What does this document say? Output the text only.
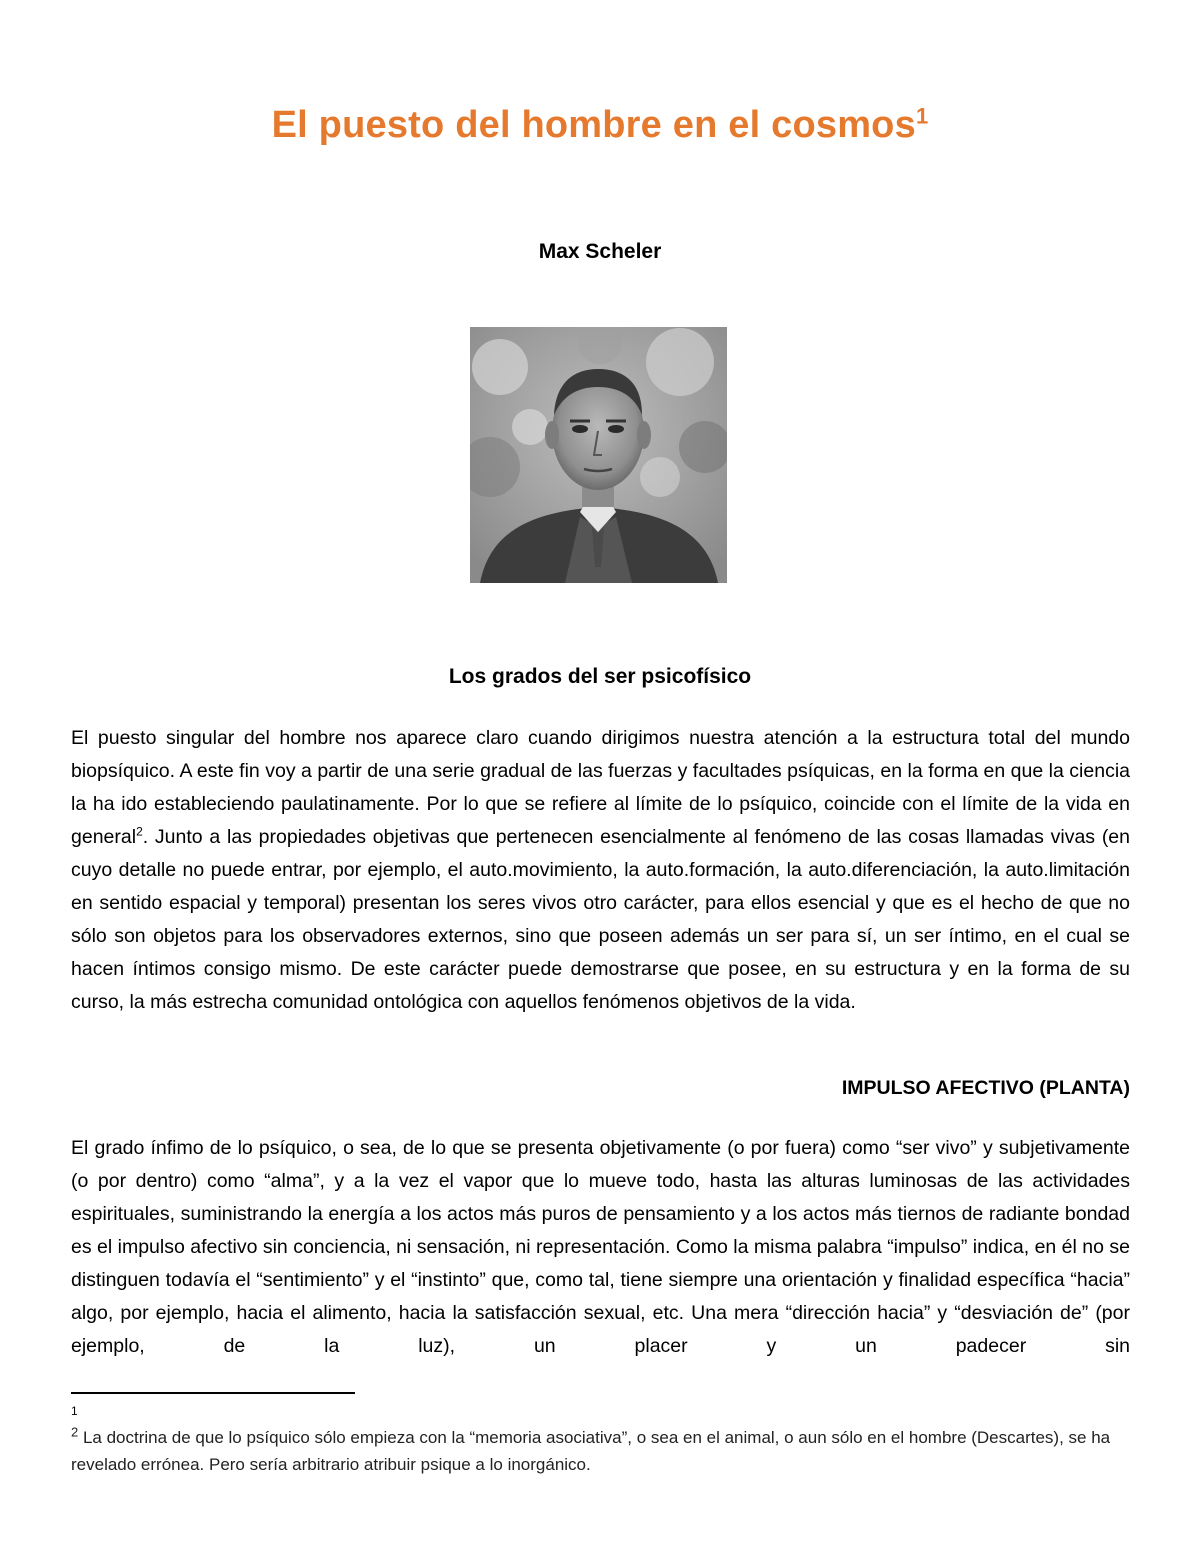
El puesto del hombre en el cosmos$^1$
Max Scheler
Los grados del ser psicofísico
El puesto singular del hombre nos aparece claro cuando dirigimos nuestra atención a la estructura total del mundo biopsíquico. A este fin voy a partir de una serie gradual de las fuerzas y facultades psíquicas, en la forma en que la ciencia la ha ido estableciendo paulatinamente. Por lo que se refiere al límite de lo psíquico, coincide con el límite de la vida en general$^2$. Junto a las propiedades objetivas que pertenecen esencialmente al fenómeno de las cosas llamadas vivas (en cuyo detalle no puede entrar, por ejemplo, el auto.movimiento, la auto.formación, la auto.diferenciación, la auto.limitación en sentido espacial y temporal) presentan los seres vivos otro carácter, para ellos esencial y que es el hecho de que no sólo son objetos para los observadores externos, sino que poseen además un ser para sí, un ser íntimo, en el cual se hacen íntimos consigo mismo. De este carácter puede demostrarse que posee, en su estructura y en la forma de su curso, la más estrecha comunidad ontológica con aquellos fenómenos objetivos de la vida.
IMPULSO AFECTIVO (PLANTA)
El grado ínfimo de lo psíquico, o sea, de lo que se presenta objetivamente (o por fuera) como “ser vivo” y subjetivamente (o por dentro) como “alma”, y a la vez el vapor que lo mueve todo, hasta las alturas luminosas de las actividades espirituales, suministrando la energía a los actos más puros de pensamiento y a los actos más tiernos de radiante bondad es el impulso afectivo sin conciencia, ni sensación, ni representación. Como la misma palabra “impulso” indica, en él no se distinguen todavía el “sentimiento” y el “instinto” que, como tal, tiene siempre una orientación y finalidad específica “hacia” algo, por ejemplo, hacia el alimento, hacia la satisfacción sexual, etc. Una mera “dirección hacia” y “desviación de” (por ejemplo, de la luz), un placer y un padecer sin
1
$^2$ La doctrina de que lo psíquico sólo empieza con la “memoria asociativa”, o sea en el animal, o aun sólo en el hombre (Descartes), se ha revelado errónea. Pero sería arbitrario atribuir psique a lo inorgánico.
